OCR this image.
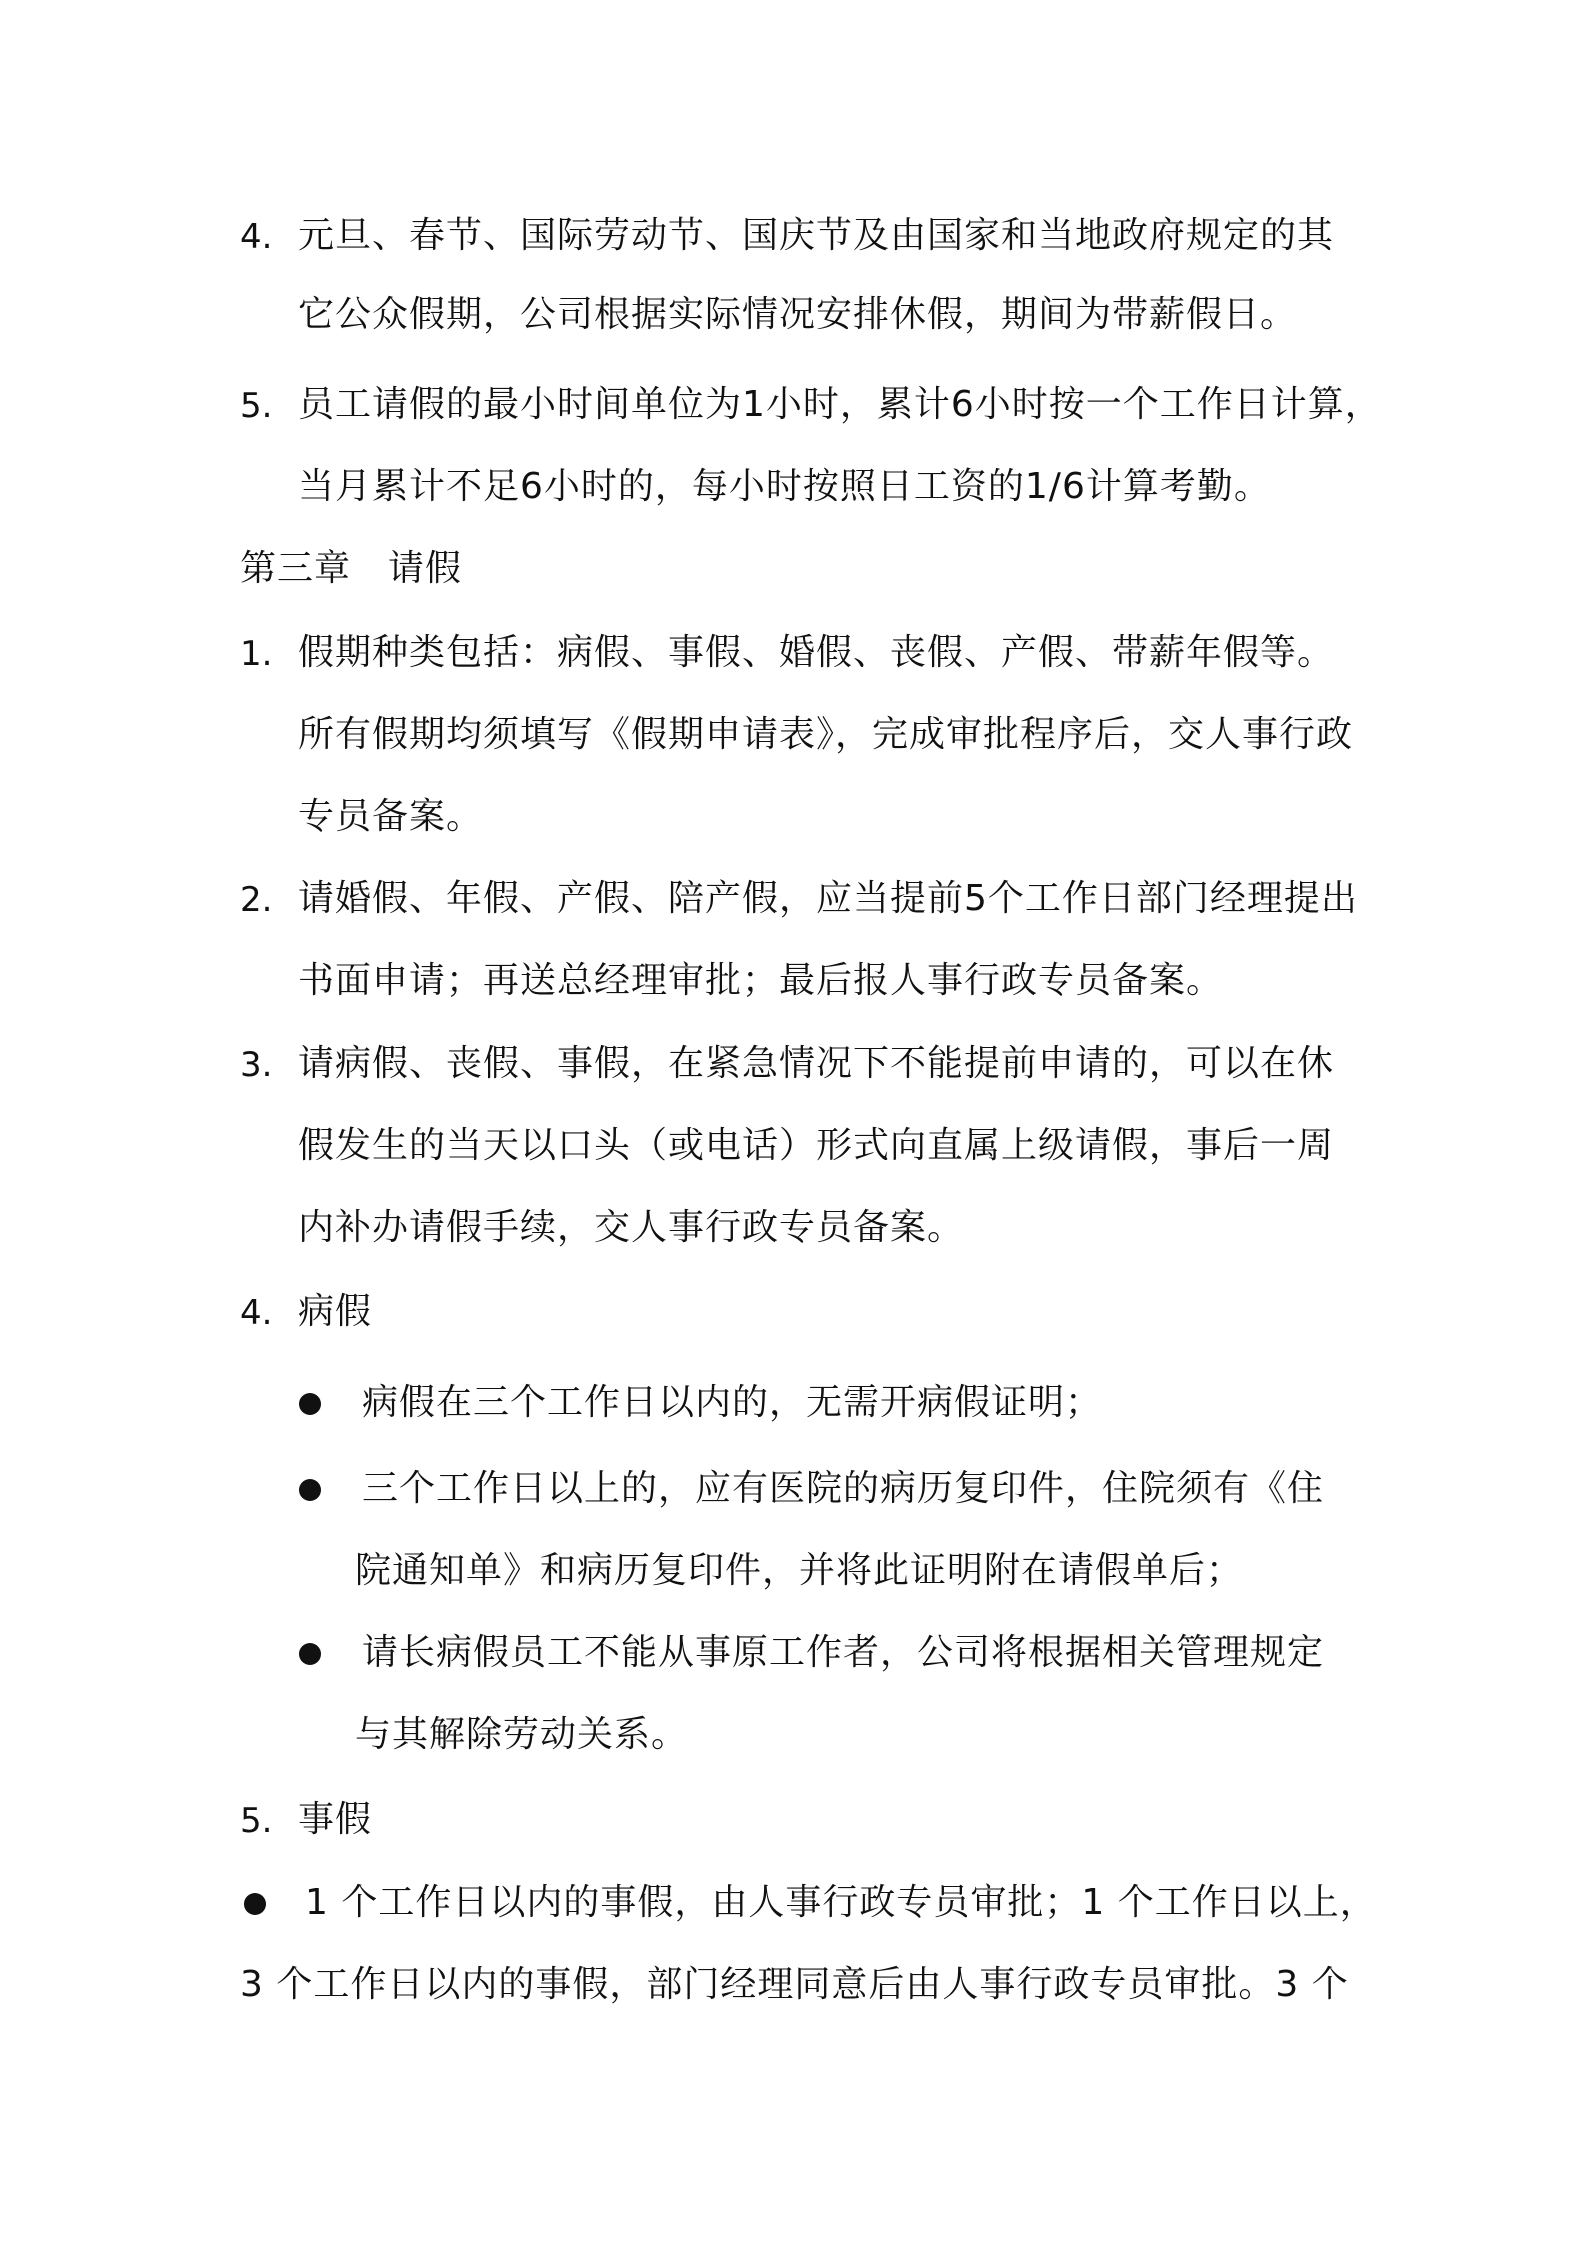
4. 元旦、春节、国际劳动节、国庆节及由国家和当地政府规定的其
它公众假期，公司根据实际情况安排休假，期间为带薪假日。
5. 员工请假的最小时间单位为1小时，累计6小时按一个工作日计算，
当月累计不足6小时的，每小时按照日工资的1/6计算考勤。
第三章　请假
1. 假期种类包括：病假、事假、婚假、丧假、产假、带薪年假等。
所有假期均须填写《假期申请表》，完成审批程序后，交人事行政
专员备案。
2. 请婚假、年假、产假、陪产假，应当提前5个工作日部门经理提出
书面申请；再送总经理审批；最后报人事行政专员备案。
3. 请病假、丧假、事假，在紧急情况下不能提前申请的，可以在休
假发生的当天以口头（或电话）形式向直属上级请假，事后一周
内补办请假手续，交人事行政专员备案。
4. 病假
病假在三个工作日以内的，无需开病假证明；
三个工作日以上的，应有医院的病历复印件，住院须有《住
院通知单》和病历复印件，并将此证明附在请假单后；
请长病假员工不能从事原工作者，公司将根据相关管理规定
与其解除劳动关系。
5. 事假
1 个工作日以内的事假，由人事行政专员审批；1 个工作日以上，
3 个工作日以内的事假，部门经理同意后由人事行政专员审批。3 个
